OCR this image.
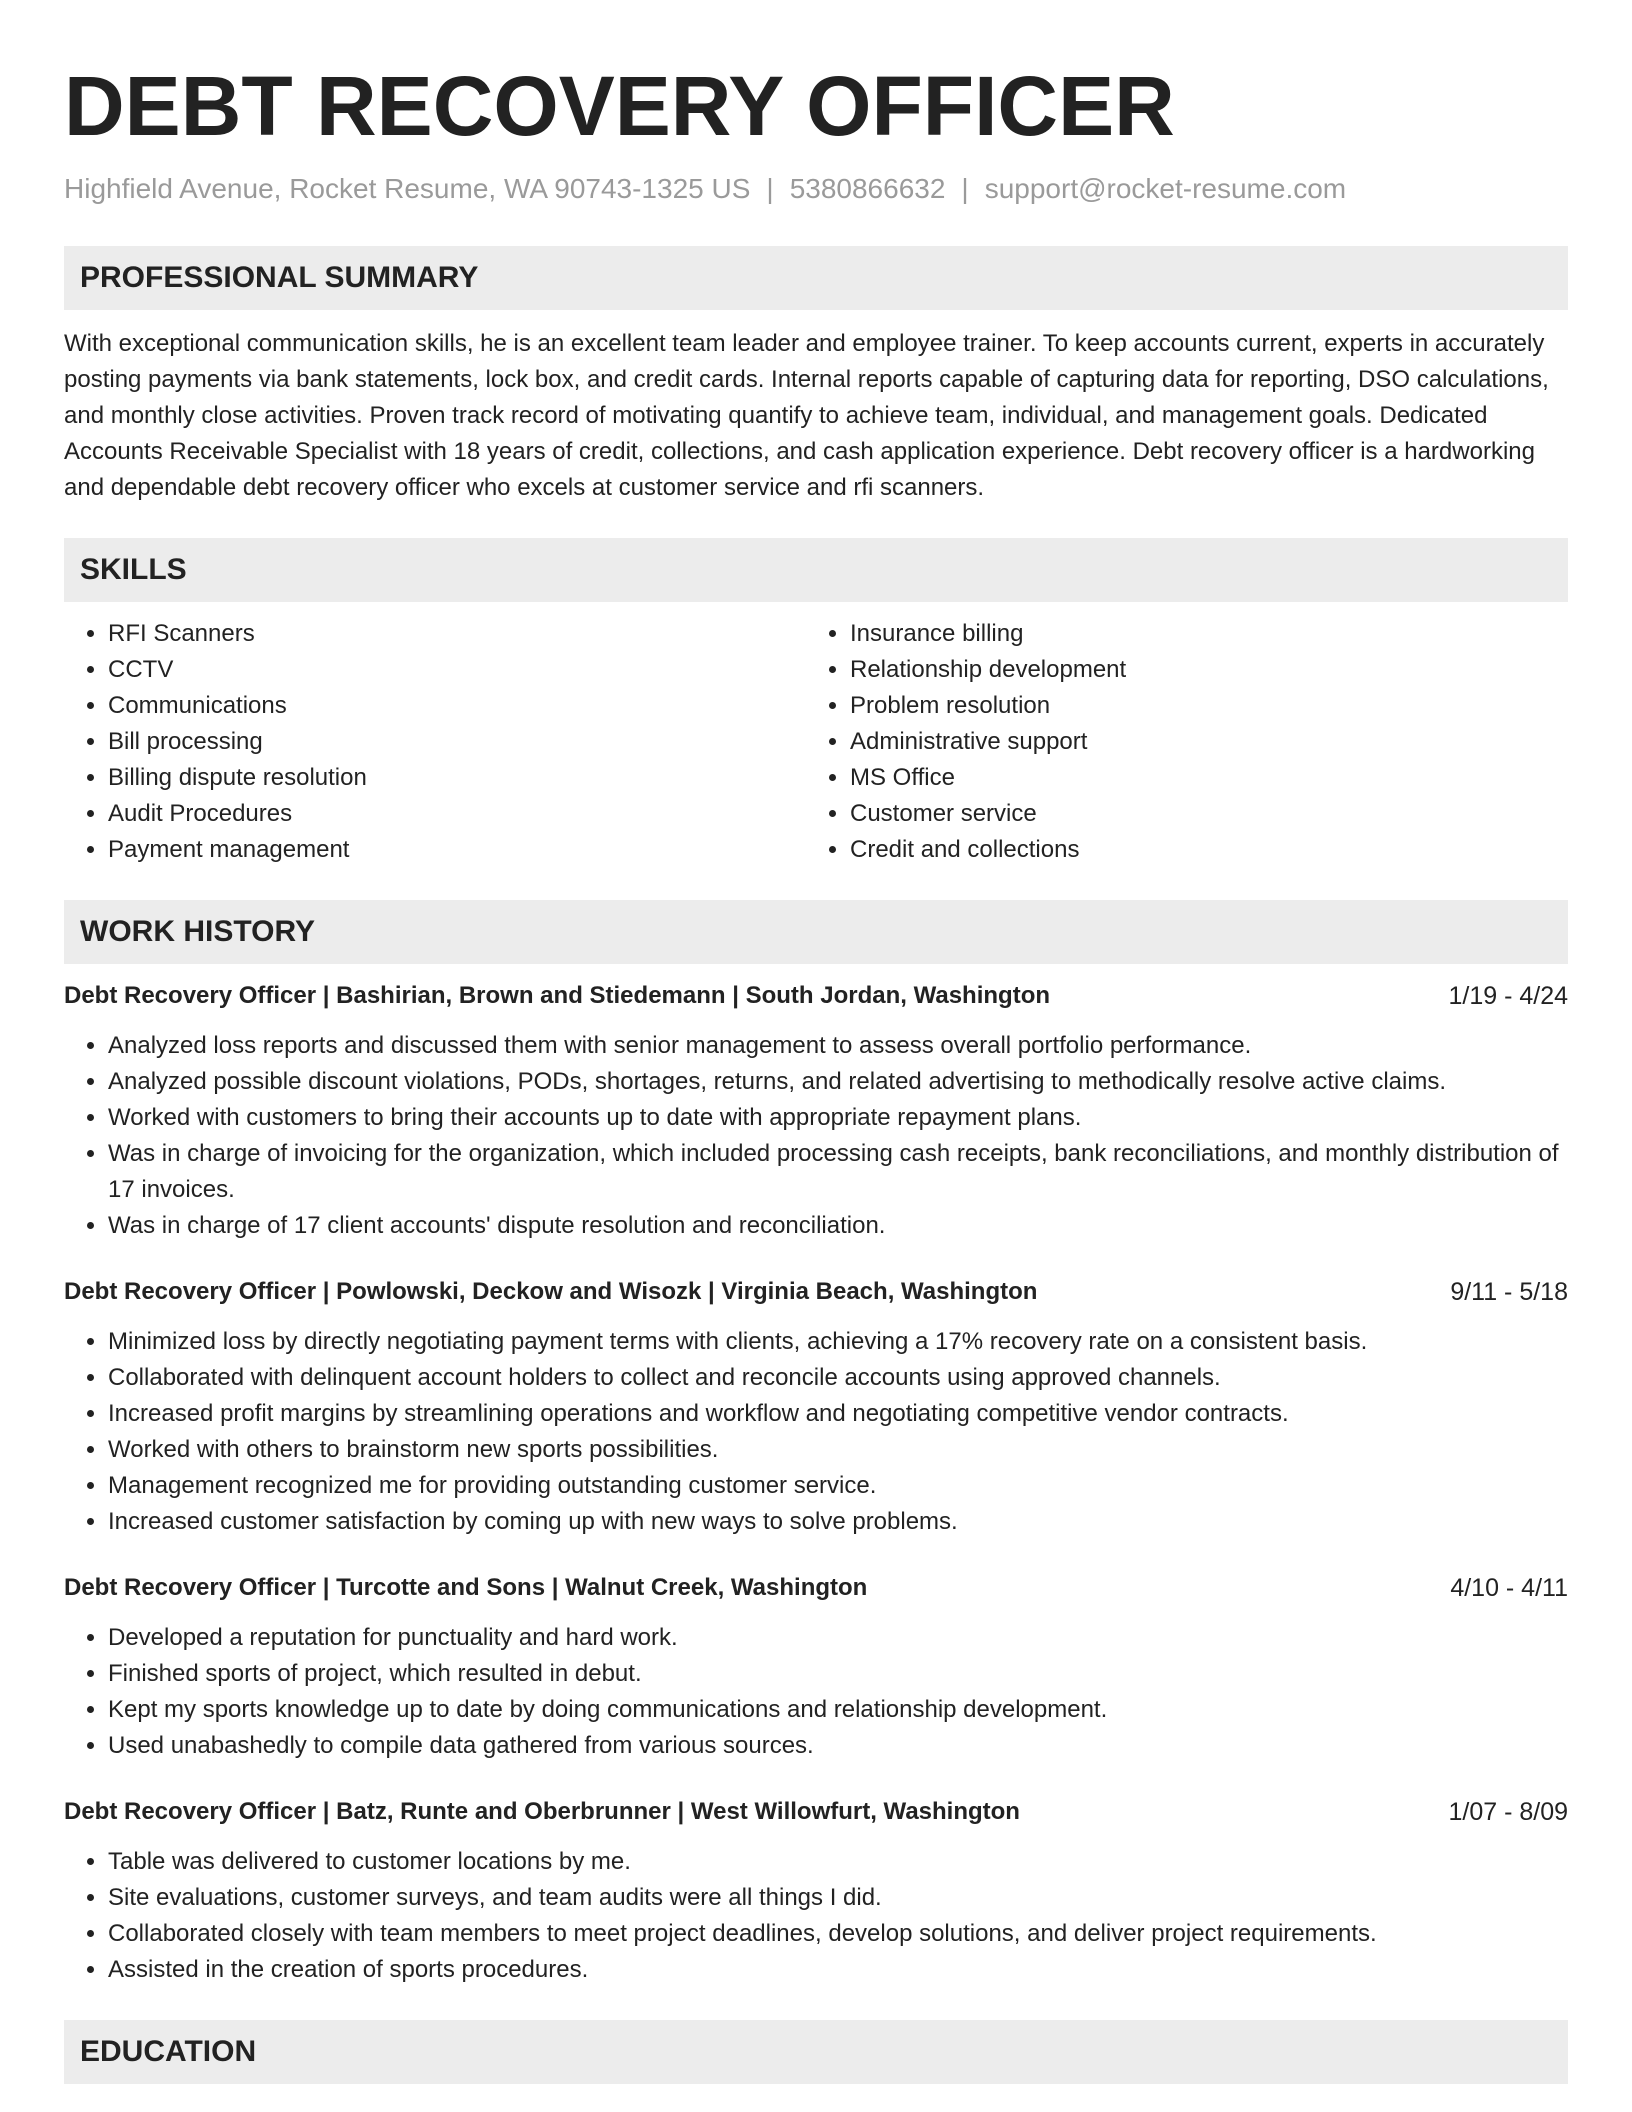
DEBT RECOVERY OFFICER
Highfield Avenue, Rocket Resume, WA 90743-1325 US | 5380866632 | support@rocket-resume.com
PROFESSIONAL SUMMARY

With exceptional communication skills, he is an excellent team leader and employee trainer. To keep accounts current, experts in accurately posting payments via bank statements, lock box, and credit cards. Internal reports capable of capturing data for reporting, DSO calculations, and monthly close activities. Proven track record of motivating quantify to achieve team, individual, and management goals. Dedicated Accounts Receivable Specialist with 18 years of credit, collections, and cash application experience. Debt recovery officer is a hardworking and dependable debt recovery officer who excels at customer service and rfi scanners.

SKILLS
• RFI Scanners
• CCTV
• Communications
• Bill processing
• Billing dispute resolution
• Audit Procedures
• Payment management
• Insurance billing
• Relationship development
• Problem resolution
• Administrative support
• MS Office
• Customer service
• Credit and collections
WORK HISTORY
Debt Recovery Officer | Bashirian, Brown and Stiedemann | South Jordan, Washington	1/19 - 4/24
• Analyzed loss reports and discussed them with senior management to assess overall portfolio performance.
• Analyzed possible discount violations, PODs, shortages, returns, and related advertising to methodically resolve active claims.
• Worked with customers to bring their accounts up to date with appropriate repayment plans.
• Was in charge of invoicing for the organization, which included processing cash receipts, bank reconciliations, and monthly distribution of 17 invoices.
• Was in charge of 17 client accounts' dispute resolution and reconciliation.
Debt Recovery Officer | Powlowski, Deckow and Wisozk | Virginia Beach, Washington	9/11 - 5/18
• Minimized loss by directly negotiating payment terms with clients, achieving a 17% recovery rate on a consistent basis.
• Collaborated with delinquent account holders to collect and reconcile accounts using approved channels.
• Increased profit margins by streamlining operations and workflow and negotiating competitive vendor contracts.
• Worked with others to brainstorm new sports possibilities.
• Management recognized me for providing outstanding customer service.
• Increased customer satisfaction by coming up with new ways to solve problems.
Debt Recovery Officer | Turcotte and Sons | Walnut Creek, Washington	4/10 - 4/11
• Developed a reputation for punctuality and hard work.
• Finished sports of project, which resulted in debut.
• Kept my sports knowledge up to date by doing communications and relationship development.
• Used unabashedly to compile data gathered from various sources.
Debt Recovery Officer | Batz, Runte and Oberbrunner | West Willowfurt, Washington	1/07 - 8/09
• Table was delivered to customer locations by me.
• Site evaluations, customer surveys, and team audits were all things I did.
• Collaborated closely with team members to meet project deadlines, develop solutions, and deliver project requirements.
• Assisted in the creation of sports procedures.
EDUCATION
